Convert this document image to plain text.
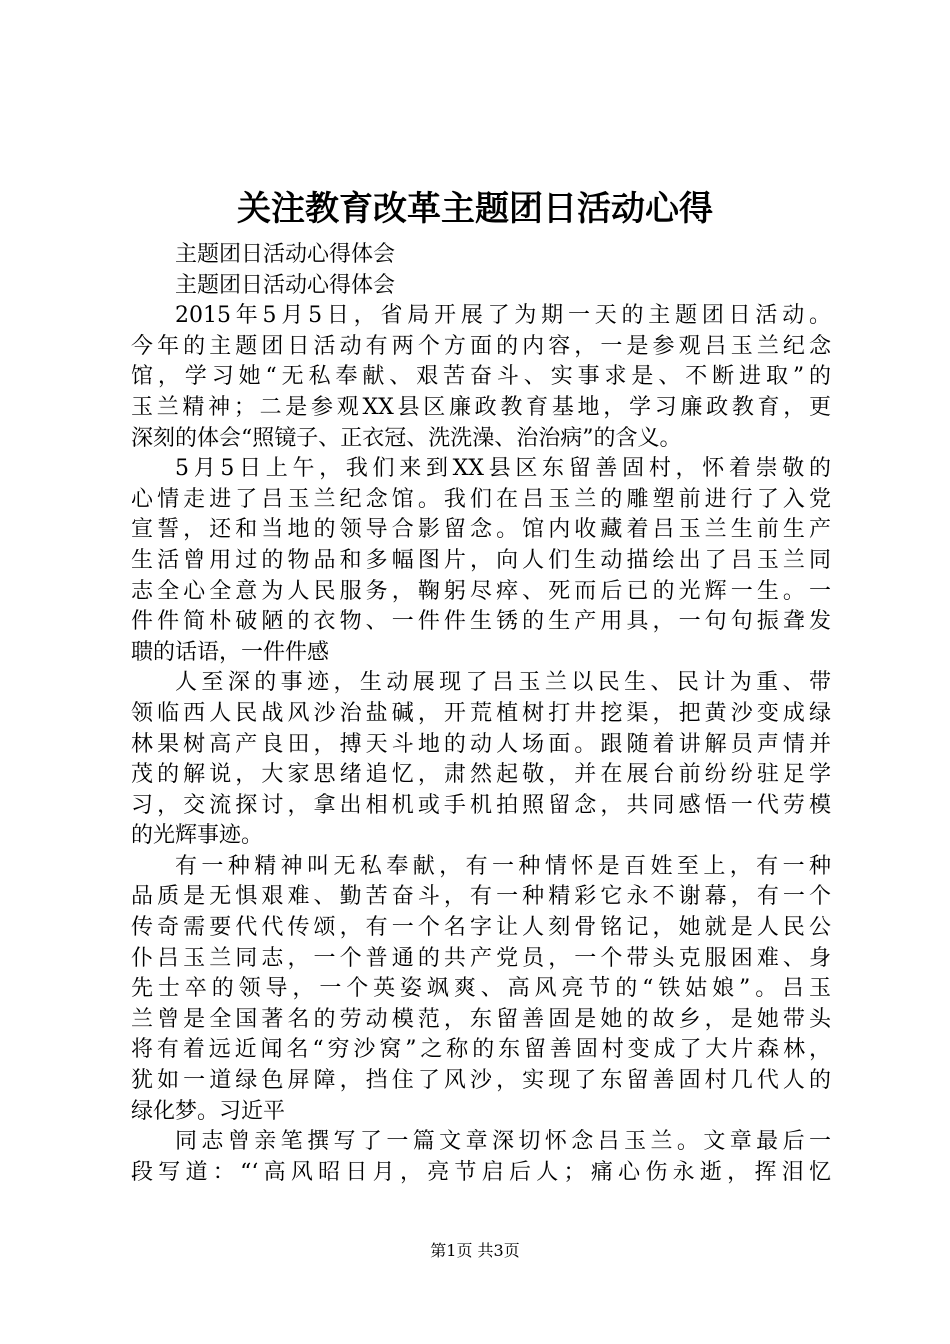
关注教育改革主题团日活动心得
主题团日活动心得体会
主题团日活动心得体会
2015年5月5日，省局开展了为期一天的主题团日活动。
今年的主题团日活动有两个方面的内容，一是参观吕玉兰纪念
馆，学习她“无私奉献、艰苦奋斗、实事求是、不断进取”的
玉兰精神；二是参观XX县区廉政教育基地，学习廉政教育，更
深刻的体会“照镜子、正衣冠、洗洗澡、治治病”的含义。
5月5日上午，我们来到XX县区东留善固村，怀着崇敬的
心情走进了吕玉兰纪念馆。我们在吕玉兰的雕塑前进行了入党
宣誓，还和当地的领导合影留念。馆内收藏着吕玉兰生前生产
生活曾用过的物品和多幅图片，向人们生动描绘出了吕玉兰同
志全心全意为人民服务，鞠躬尽瘁、死而后已的光辉一生。一
件件简朴破陋的衣物、一件件生锈的生产用具，一句句振聋发
聩的话语，一件件感
人至深的事迹，生动展现了吕玉兰以民生、民计为重、带
领临西人民战风沙治盐碱，开荒植树打井挖渠，把黄沙变成绿
林果树高产良田，搏天斗地的动人场面。跟随着讲解员声情并
茂的解说，大家思绪追忆，肃然起敬，并在展台前纷纷驻足学
习，交流探讨，拿出相机或手机拍照留念，共同感悟一代劳模
的光辉事迹。
有一种精神叫无私奉献，有一种情怀是百姓至上，有一种
品质是无惧艰难、勤苦奋斗，有一种精彩它永不谢幕，有一个
传奇需要代代传颂，有一个名字让人刻骨铭记，她就是人民公
仆吕玉兰同志，一个普通的共产党员，一个带头克服困难、身
先士卒的领导，一个英姿飒爽、高风亮节的“铁姑娘”。吕玉
兰曾是全国著名的劳动模范，东留善固是她的故乡，是她带头
将有着远近闻名“穷沙窝”之称的东留善固村变成了大片森林，
犹如一道绿色屏障，挡住了风沙，实现了东留善固村几代人的
绿化梦。习近平
同志曾亲笔撰写了一篇文章深切怀念吕玉兰。文章最后一
段写道：“‘高风昭日月，亮节启后人；痛心伤永逝，挥泪忆
第1页 共3页
